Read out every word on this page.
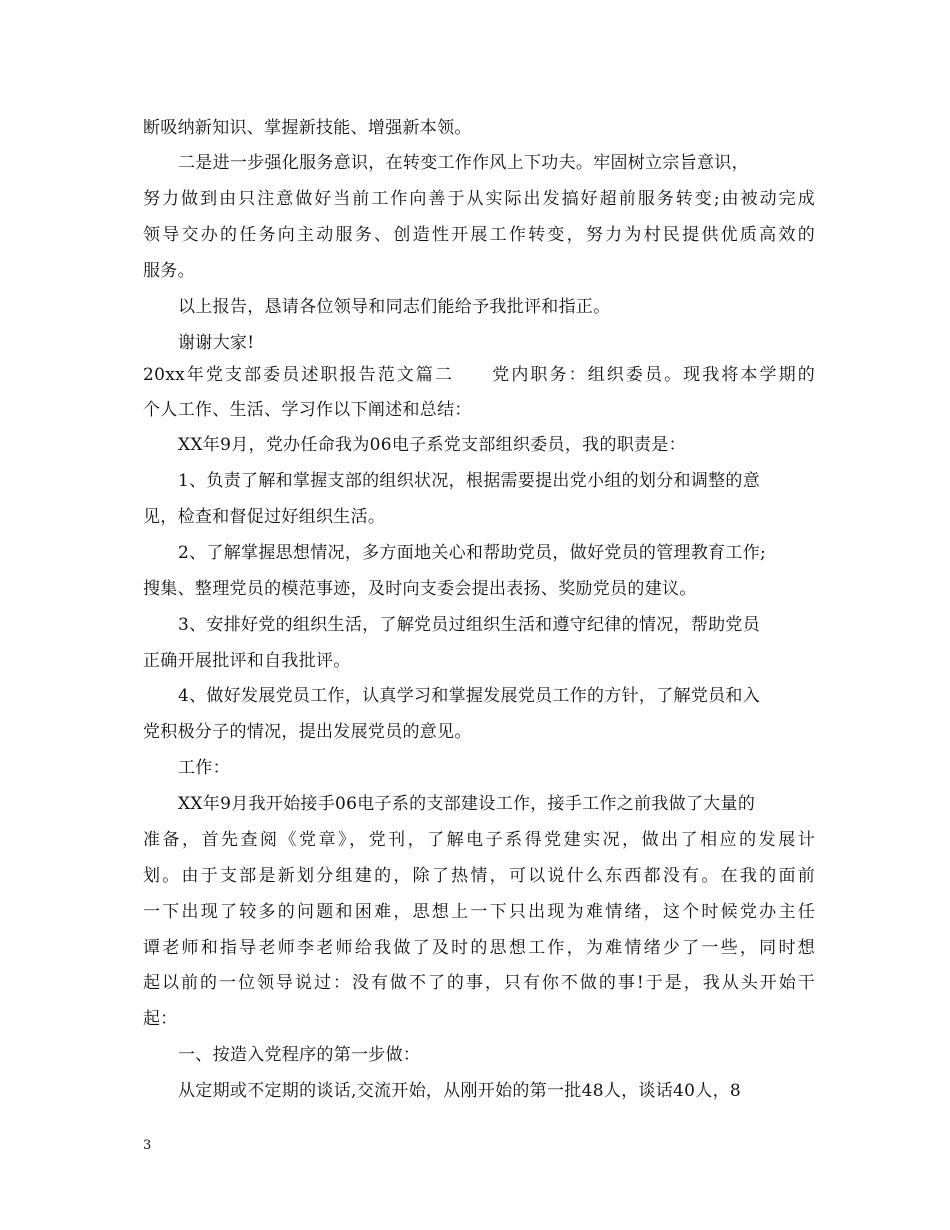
断吸纳新知识、掌握新技能、增强新本领。
二是进一步强化服务意识，在转变工作作风上下功夫。牢固树立宗旨意识，
努力做到由只注意做好当前工作向善于从实际出发搞好超前服务转变;由被动完成
领导交办的任务向主动服务、创造性开展工作转变，努力为村民提供优质高效的
服务。
以上报告，恳请各位领导和同志们能给予我批评和指正。
谢谢大家!
20xx年党支部委员述职报告范文篇二　　党内职务：组织委员。现我将本学期的
个人工作、生活、学习作以下阐述和总结：
XX年9月，党办任命我为06电子系党支部组织委员，我的职责是：
1、负责了解和掌握支部的组织状况，根据需要提出党小组的划分和调整的意
见，检查和督促过好组织生活。
2、了解掌握思想情况，多方面地关心和帮助党员，做好党员的管理教育工作;
搜集、整理党员的模范事迹，及时向支委会提出表扬、奖励党员的建议。
3、安排好党的组织生活，了解党员过组织生活和遵守纪律的情况，帮助党员
正确开展批评和自我批评。
4、做好发展党员工作，认真学习和掌握发展党员工作的方针，了解党员和入
党积极分子的情况，提出发展党员的意见。
工作：
XX年9月我开始接手06电子系的支部建设工作，接手工作之前我做了大量的
准备，首先查阅《党章》，党刊，了解电子系得党建实况，做出了相应的发展计
划。由于支部是新划分组建的，除了热情，可以说什么东西都没有。在我的面前
一下出现了较多的问题和困难，思想上一下只出现为难情绪，这个时候党办主任
谭老师和指导老师李老师给我做了及时的思想工作，为难情绪少了一些，同时想
起以前的一位领导说过：没有做不了的事，只有你不做的事!于是，我从头开始干
起：
一、按造入党程序的第一步做：
从定期或不定期的谈话,交流开始，从刚开始的第一批48人，谈话40人，8
3
